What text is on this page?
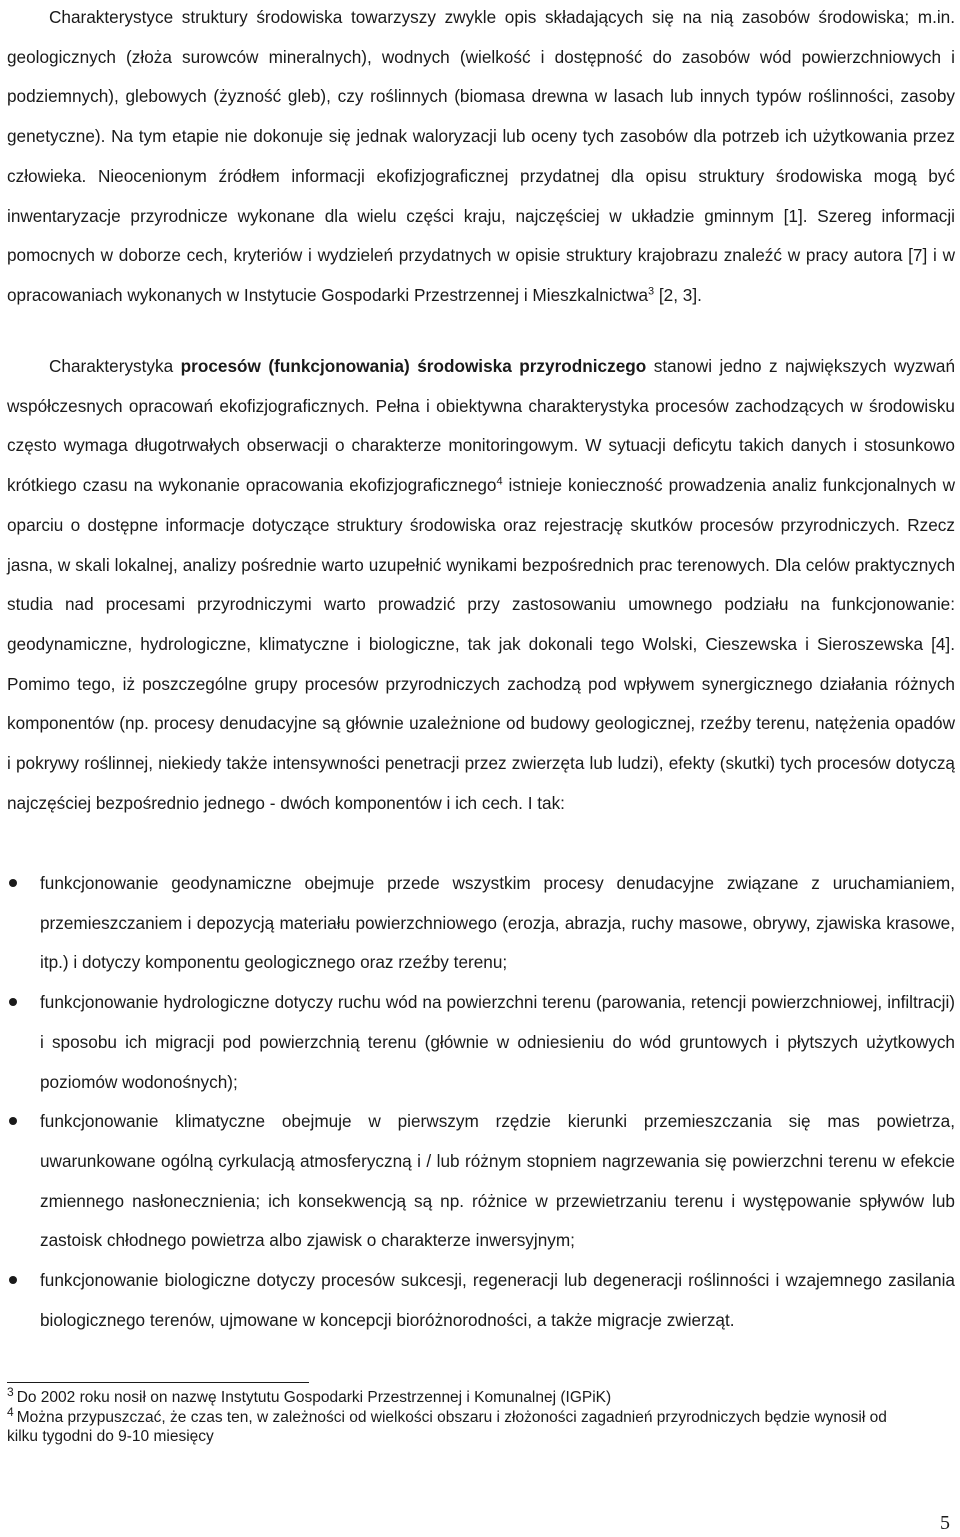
Charakterystyce struktury środowiska towarzyszy zwykle opis składających się na nią zasobów środowiska; m.in. geologicznych (złoża surowców mineralnych), wodnych (wielkość i dostępność do zasobów wód powierzchniowych i podziemnych), glebowych (żyzność gleb), czy roślinnych (biomasa drewna w lasach lub innych typów roślinności, zasoby genetyczne). Na tym etapie nie dokonuje się jednak waloryzacji lub oceny tych zasobów dla potrzeb ich użytkowania przez człowieka. Nieocenionym źródłem informacji ekofizjograficznej przydatnej dla opisu struktury środowiska mogą być inwentaryzacje przyrodnicze wykonane dla wielu części kraju, najczęściej w układzie gminnym [1]. Szereg informacji pomocnych w doborze cech, kryteriów i wydzieleń przydatnych w opisie struktury krajobrazu znaleźć w pracy autora [7] i w opracowaniach wykonanych w Instytucie Gospodarki Przestrzennej i Mieszkalnictwa$^3$ [2, 3].

Charakterystyka procesów (funkcjonowania) środowiska przyrodniczego stanowi jedno z największych wyzwań współczesnych opracowań ekofizjograficznych. Pełna i obiektywna charakterystyka procesów zachodzących w środowisku często wymaga długotrwałych obserwacji o charakterze monitoringowym. W sytuacji deficytu takich danych i stosunkowo krótkiego czasu na wykonanie opracowania ekofizjograficznego$^4$ istnieje konieczność prowadzenia analiz funkcjonalnych w oparciu o dostępne informacje dotyczące struktury środowiska oraz rejestrację skutków procesów przyrodniczych. Rzecz jasna, w skali lokalnej, analizy pośrednie warto uzupełnić wynikami bezpośrednich prac terenowych. Dla celów praktycznych studia nad procesami przyrodniczymi warto prowadzić przy zastosowaniu umownego podziału na funkcjonowanie: geodynamiczne, hydrologiczne, klimatyczne i biologiczne, tak jak dokonali tego Wolski, Cieszewska i Sieroszewska [4]. Pomimo tego, iż poszczególne grupy procesów przyrodniczych zachodzą pod wpływem synergicznego działania różnych komponentów (np. procesy denudacyjne są głównie uzależnione od budowy geologicznej, rzeźby terenu, natężenia opadów i pokrywy roślinnej, niekiedy także intensywności penetracji przez zwierzęta lub ludzi), efekty (skutki) tych procesów dotyczą najczęściej bezpośrednio jednego - dwóch komponentów i ich cech. I tak:

funkcjonowanie geodynamiczne obejmuje przede wszystkim procesy denudacyjne związane z uruchamianiem, przemieszczaniem i depozycją materiału powierzchniowego (erozja, abrazja, ruchy masowe, obrywy, zjawiska krasowe, itp.) i dotyczy komponentu geologicznego oraz rzeźby terenu;
funkcjonowanie hydrologiczne dotyczy ruchu wód na powierzchni terenu (parowania, retencji powierzchniowej, infiltracji) i sposobu ich migracji pod powierzchnią terenu (głównie w odniesieniu do wód gruntowych i płytszych użytkowych poziomów wodonośnych);
funkcjonowanie klimatyczne obejmuje w pierwszym rzędzie kierunki przemieszczania się mas powietrza, uwarunkowane ogólną cyrkulacją atmosferyczną i / lub różnym stopniem nagrzewania się powierzchni terenu w efekcie zmiennego nasłonecznienia; ich konsekwencją są np. różnice w przewietrzaniu terenu i występowanie spływów lub zastoisk chłodnego powietrza albo zjawisk o charakterze inwersyjnym;
funkcjonowanie biologiczne dotyczy procesów sukcesji, regeneracji lub degeneracji roślinności i wzajemnego zasilania biologicznego terenów, ujmowane w koncepcji bioróżnorodności, a także migracje zwierząt.

$^3$ Do 2002 roku nosił on nazwę Instytutu Gospodarki Przestrzennej i Komunalnej (IGPiK)

$^4$ Można przypuszczać, że czas ten, w zależności od wielkości obszaru i złożoności zagadnień przyrodniczych będzie wynosił od kilku tygodni do 9-10 miesięcy

5
